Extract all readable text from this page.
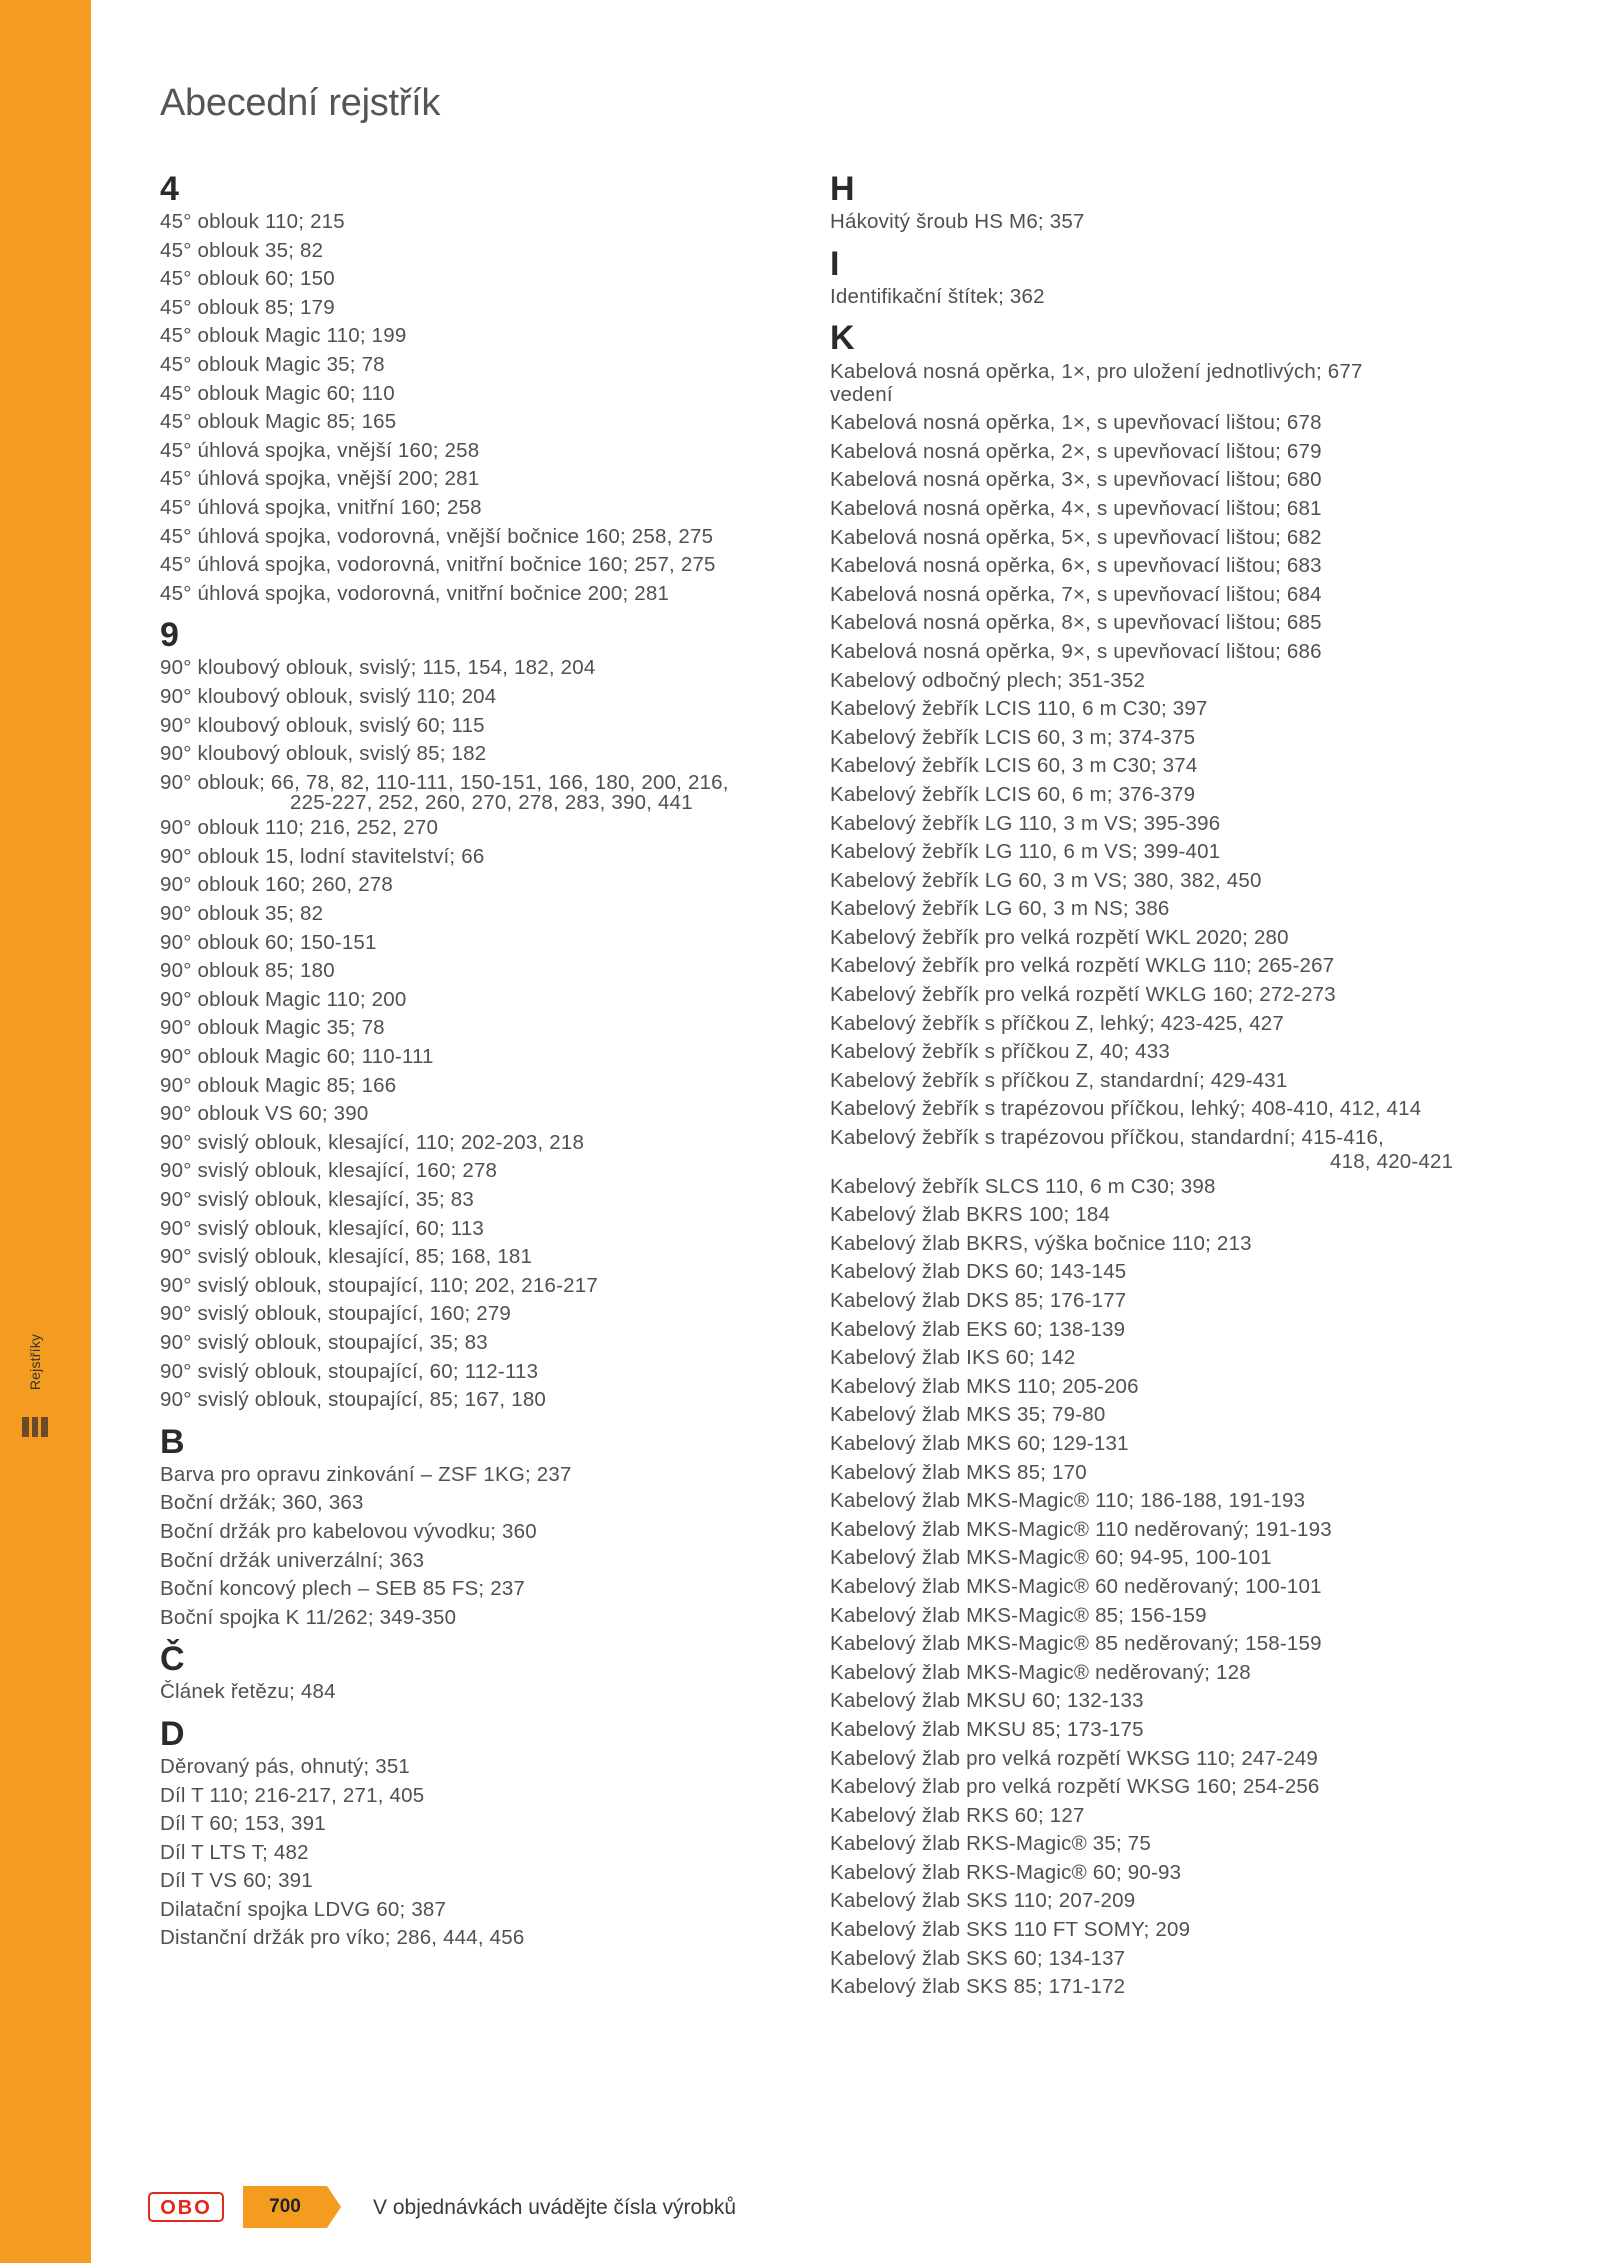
Rejstříky
Abecední rejstřík
4
45° oblouk 110; 215
45° oblouk 35; 82
45° oblouk 60; 150
45° oblouk 85; 179
45° oblouk Magic 110; 199
45° oblouk Magic 35; 78
45° oblouk Magic 60; 110
45° oblouk Magic 85; 165
45° úhlová spojka, vnější 160; 258
45° úhlová spojka, vnější 200; 281
45° úhlová spojka, vnitřní 160; 258
45° úhlová spojka, vodorovná, vnější bočnice 160; 258, 275
45° úhlová spojka, vodorovná, vnitřní bočnice 160; 257, 275
45° úhlová spojka, vodorovná, vnitřní bočnice 200; 281
9
90° kloubový oblouk, svislý; 115, 154, 182, 204
90° kloubový oblouk, svislý 110; 204
90° kloubový oblouk, svislý 60; 115
90° kloubový oblouk, svislý 85; 182
90° oblouk; 66, 78, 82, 110-111, 150-151, 166, 180, 200, 216,
225-227, 252, 260, 270, 278, 283, 390, 441
90° oblouk 110; 216, 252, 270
90° oblouk 15, lodní stavitelství; 66
90° oblouk 160; 260, 278
90° oblouk 35; 82
90° oblouk 60; 150-151
90° oblouk 85; 180
90° oblouk Magic 110; 200
90° oblouk Magic 35; 78
90° oblouk Magic 60; 110-111
90° oblouk Magic 85; 166
90° oblouk VS 60; 390
90° svislý oblouk, klesající, 110; 202-203, 218
90° svislý oblouk, klesající, 160; 278
90° svislý oblouk, klesající, 35; 83
90° svislý oblouk, klesající, 60; 113
90° svislý oblouk, klesající, 85; 168, 181
90° svislý oblouk, stoupající, 110; 202, 216-217
90° svislý oblouk, stoupající, 160; 279
90° svislý oblouk, stoupající, 35; 83
90° svislý oblouk, stoupající, 60; 112-113
90° svislý oblouk, stoupající, 85; 167, 180
B
Barva pro opravu zinkování – ZSF 1KG; 237
Boční držák; 360, 363
Boční držák pro kabelovou vývodku; 360
Boční držák univerzální; 363
Boční koncový plech – SEB 85 FS; 237
Boční spojka K 11/262; 349-350
Č
Článek řetězu; 484
D
Děrovaný pás, ohnutý; 351
Díl T 110; 216-217, 271, 405
Díl T 60; 153, 391
Díl T LTS T; 482
Díl T VS 60; 391
Dilatační spojka LDVG 60; 387
Distanční držák pro víko; 286, 444, 456
H
Hákovitý šroub HS M6; 357
I
Identifikační štítek; 362
K
Kabelová nosná opěrka, 1×, pro uložení jednotlivých; 677 vedení
Kabelová nosná opěrka, 1×, s upevňovací lištou; 678
Kabelová nosná opěrka, 2×, s upevňovací lištou; 679
Kabelová nosná opěrka, 3×, s upevňovací lištou; 680
Kabelová nosná opěrka, 4×, s upevňovací lištou; 681
Kabelová nosná opěrka, 5×, s upevňovací lištou; 682
Kabelová nosná opěrka, 6×, s upevňovací lištou; 683
Kabelová nosná opěrka, 7×, s upevňovací lištou; 684
Kabelová nosná opěrka, 8×, s upevňovací lištou; 685
Kabelová nosná opěrka, 9×, s upevňovací lištou; 686
Kabelový odbočný plech; 351-352
Kabelový žebřík LCIS 110, 6 m C30; 397
Kabelový žebřík LCIS 60, 3 m; 374-375
Kabelový žebřík LCIS 60, 3 m C30; 374
Kabelový žebřík LCIS 60, 6 m; 376-379
Kabelový žebřík LG 110, 3 m VS; 395-396
Kabelový žebřík LG 110, 6 m VS; 399-401
Kabelový žebřík LG 60, 3 m VS; 380, 382, 450
Kabelový žebřík LG 60, 3 m NS; 386
Kabelový žebřík pro velká rozpětí WKL 2020; 280
Kabelový žebřík pro velká rozpětí WKLG 110; 265-267
Kabelový žebřík pro velká rozpětí WKLG 160; 272-273
Kabelový žebřík s příčkou Z, lehký; 423-425, 427
Kabelový žebřík s příčkou Z, 40; 433
Kabelový žebřík s příčkou Z, standardní; 429-431
Kabelový žebřík s trapézovou příčkou, lehký; 408-410, 412, 414
Kabelový žebřík s trapézovou příčkou, standardní; 415-416,
418, 420-421
Kabelový žebřík SLCS 110, 6 m C30; 398
Kabelový žlab BKRS 100; 184
Kabelový žlab BKRS, výška bočnice 110; 213
Kabelový žlab DKS 60; 143-145
Kabelový žlab DKS 85; 176-177
Kabelový žlab EKS 60; 138-139
Kabelový žlab IKS 60; 142
Kabelový žlab MKS 110; 205-206
Kabelový žlab MKS 35; 79-80
Kabelový žlab MKS 60; 129-131
Kabelový žlab MKS 85; 170
Kabelový žlab MKS-Magic® 110; 186-188, 191-193
Kabelový žlab MKS-Magic® 110 neděrovaný; 191-193
Kabelový žlab MKS-Magic® 60; 94-95, 100-101
Kabelový žlab MKS-Magic® 60 neděrovaný; 100-101
Kabelový žlab MKS-Magic® 85; 156-159
Kabelový žlab MKS-Magic® 85 neděrovaný; 158-159
Kabelový žlab MKS-Magic® neděrovaný; 128
Kabelový žlab MKSU 60; 132-133
Kabelový žlab MKSU 85; 173-175
Kabelový žlab pro velká rozpětí WKSG 110; 247-249
Kabelový žlab pro velká rozpětí WKSG 160; 254-256
Kabelový žlab RKS 60; 127
Kabelový žlab RKS-Magic® 35; 75
Kabelový žlab RKS-Magic® 60; 90-93
Kabelový žlab SKS 110; 207-209
Kabelový žlab SKS 110 FT SOMY; 209
Kabelový žlab SKS 60; 134-137
Kabelový žlab SKS 85; 171-172
OBO	700	V objednávkách uvádějte čísla výrobků
